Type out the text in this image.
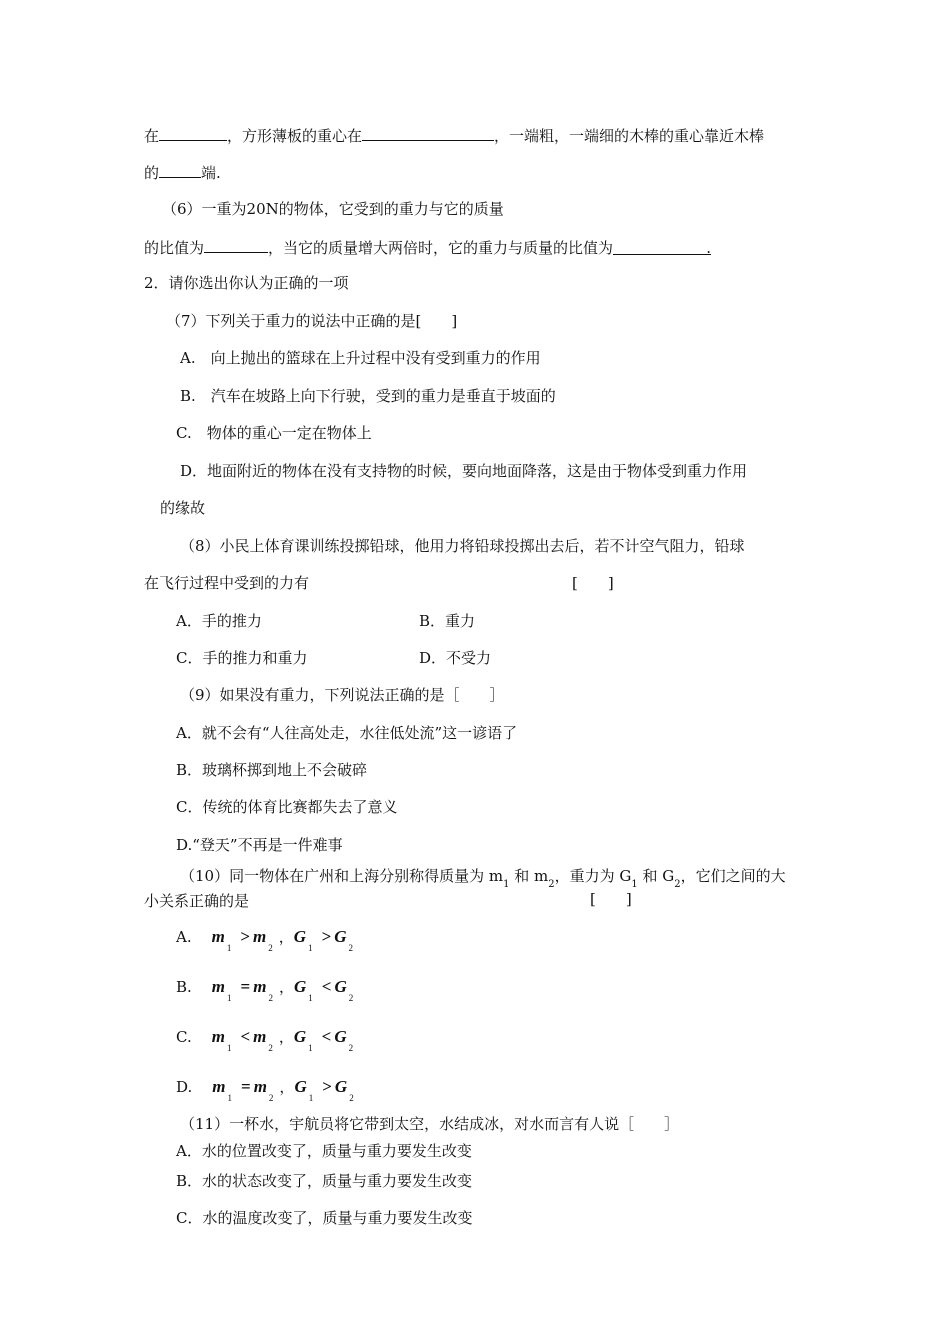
在	，方形薄板的重心在	，一端粗，一端细的木棒的重心靠近木棒
的	端.
（6）一重为20N的物体，它受到的重力与它的质量
的比值为	，当它的质量增大两倍时，它的重力与质量的比值为	.
2．请你选出你认为正确的一项
（7）下列关于重力的说法中正确的是[　　]
A.　向上抛出的篮球在上升过程中没有受到重力的作用
B.　汽车在坡路上向下行驶，受到的重力是垂直于坡面的
C.　物体的重心一定在物体上
D．地面附近的物体在没有支持物的时候，要向地面降落，这是由于物体受到重力作用
的缘故
（8）小民上体育课训练投掷铅球，他用力将铅球投掷出去后，若不计空气阻力，铅球
在飞行过程中受到的力有	[　　]
A．手的推力	B．重力
C．手的推力和重力	D．不受力
（9）如果没有重力，下列说法正确的是［　　］
A．就不会有“人往高处走，水往低处流”这一谚语了
B．玻璃杯掷到地上不会破碎
C．传统的体育比赛都失去了意义
D.“登天”不再是一件难事
（10）同一物体在广州和上海分别称得质量为 $m_1$ 和 $m_2$，重力为 $G_1$ 和 $G_2$，它们之间的大
小关系正确的是	[　　]
A. $m_1> m_2$，$G_1> G_2$
B. $m_1= m_2$，$G_1< G_2$
C. $m_1< m_2$，$G_1< G_2$
D. $m_1= m_2$，$G_1> G_2$
（11）一杯水，宇航员将它带到太空，水结成冰，对水而言有人说［　　］
A．水的位置改变了，质量与重力要发生改变
B．水的状态改变了，质量与重力要发生改变
C．水的温度改变了，质量与重力要发生改变
